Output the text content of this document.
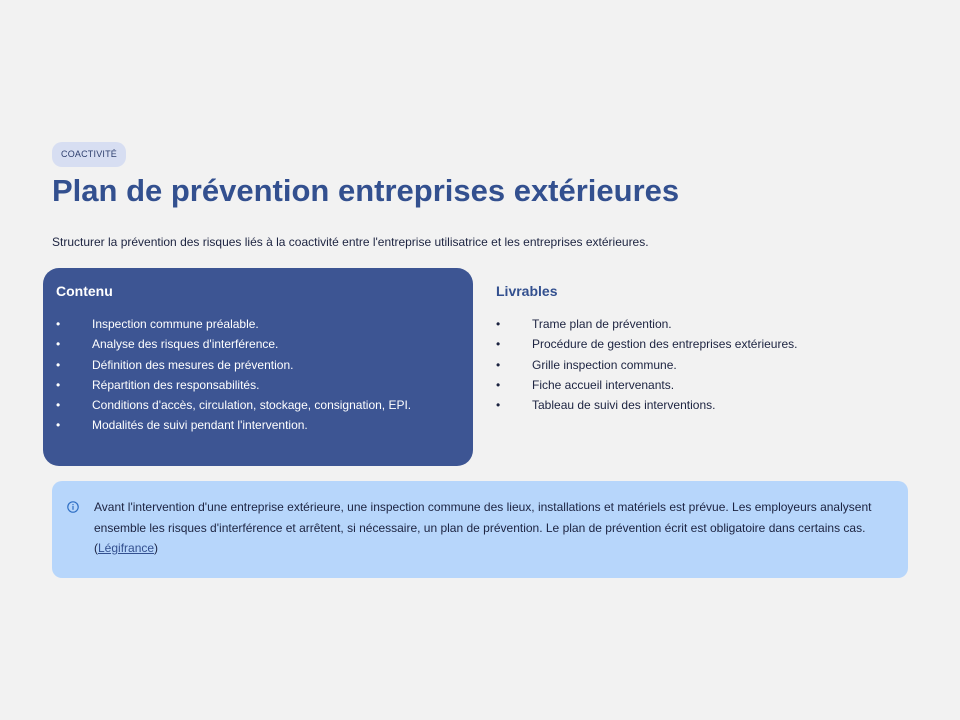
COACTIVITÉ
Plan de prévention entreprises extérieures

Structurer la prévention des risques liés à la coactivité entre l'entreprise utilisatrice et les entreprises extérieures.

Contenu
•	Inspection commune préalable.
•	Analyse des risques d'interférence.
•	Définition des mesures de prévention.
•	Répartition des responsabilités.
•	Conditions d'accès, circulation, stockage, consignation, EPI.
•	Modalités de suivi pendant l'intervention.
Livrables
•	Trame plan de prévention.
•	Procédure de gestion des entreprises extérieures.
•	Grille inspection commune.
•	Fiche accueil intervenants.
•	Tableau de suivi des interventions.

Avant l'intervention d'une entreprise extérieure, une inspection commune des lieux, installations et matériels est prévue. Les employeurs analysent ensemble les risques d'interférence et arrêtent, si nécessaire, un plan de prévention. Le plan de prévention écrit est obligatoire dans certains cas. (Légifrance)
